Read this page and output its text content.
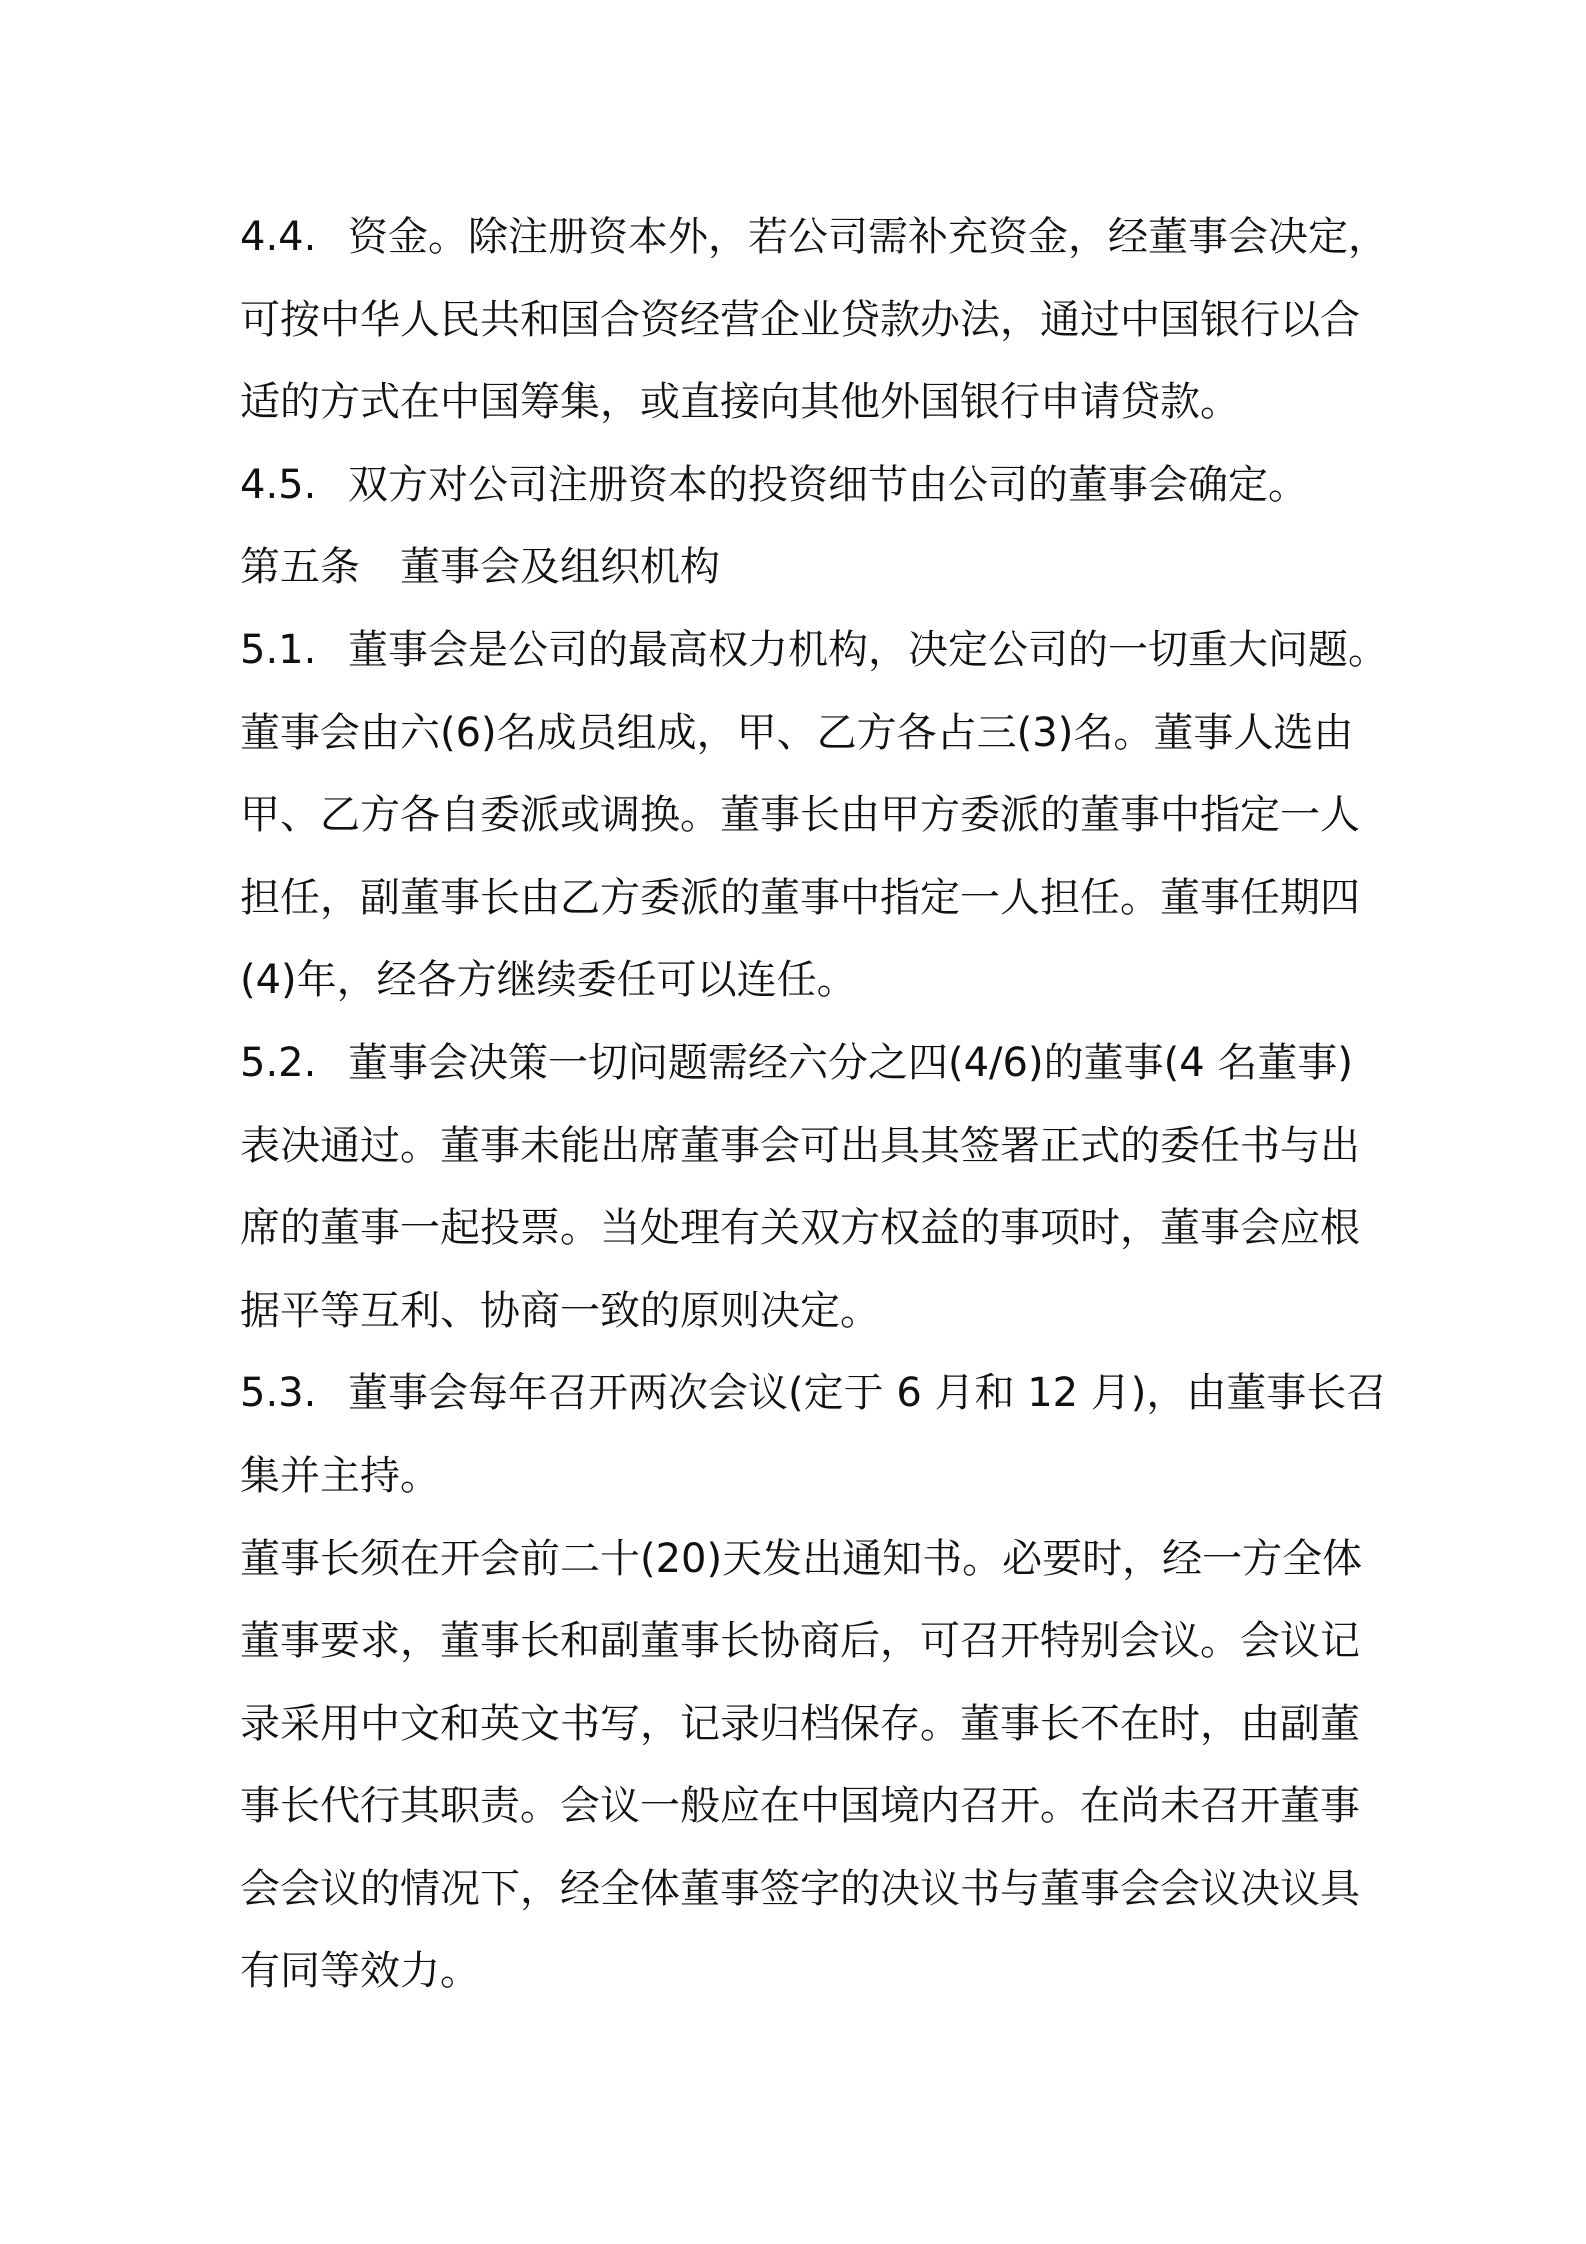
4.4. 资金。除注册资本外，若公司需补充资金，经董事会决定，
可按中华人民共和国合资经营企业贷款办法，通过中国银行以合
适的方式在中国筹集，或直接向其他外国银行申请贷款。
4.5. 双方对公司注册资本的投资细节由公司的董事会确定。
第五条 董事会及组织机构
5.1. 董事会是公司的最高权力机构，决定公司的一切重大问题。
董事会由六(6)名成员组成，甲、乙方各占三(3)名。董事人选由
甲、乙方各自委派或调换。董事长由甲方委派的董事中指定一人
担任，副董事长由乙方委派的董事中指定一人担任。董事任期四
(4)年，经各方继续委任可以连任。
5.2. 董事会决策一切问题需经六分之四(4/6)的董事(4 名董事)
表决通过。董事未能出席董事会可出具其签署正式的委任书与出
席的董事一起投票。当处理有关双方权益的事项时，董事会应根
据平等互利、协商一致的原则决定。
5.3. 董事会每年召开两次会议(定于 6 月和 12 月)，由董事长召
集并主持。
董事长须在开会前二十(20)天发出通知书。必要时，经一方全体
董事要求，董事长和副董事长协商后，可召开特别会议。会议记
录采用中文和英文书写，记录归档保存。董事长不在时，由副董
事长代行其职责。会议一般应在中国境内召开。在尚未召开董事
会会议的情况下，经全体董事签字的决议书与董事会会议决议具
有同等效力。
